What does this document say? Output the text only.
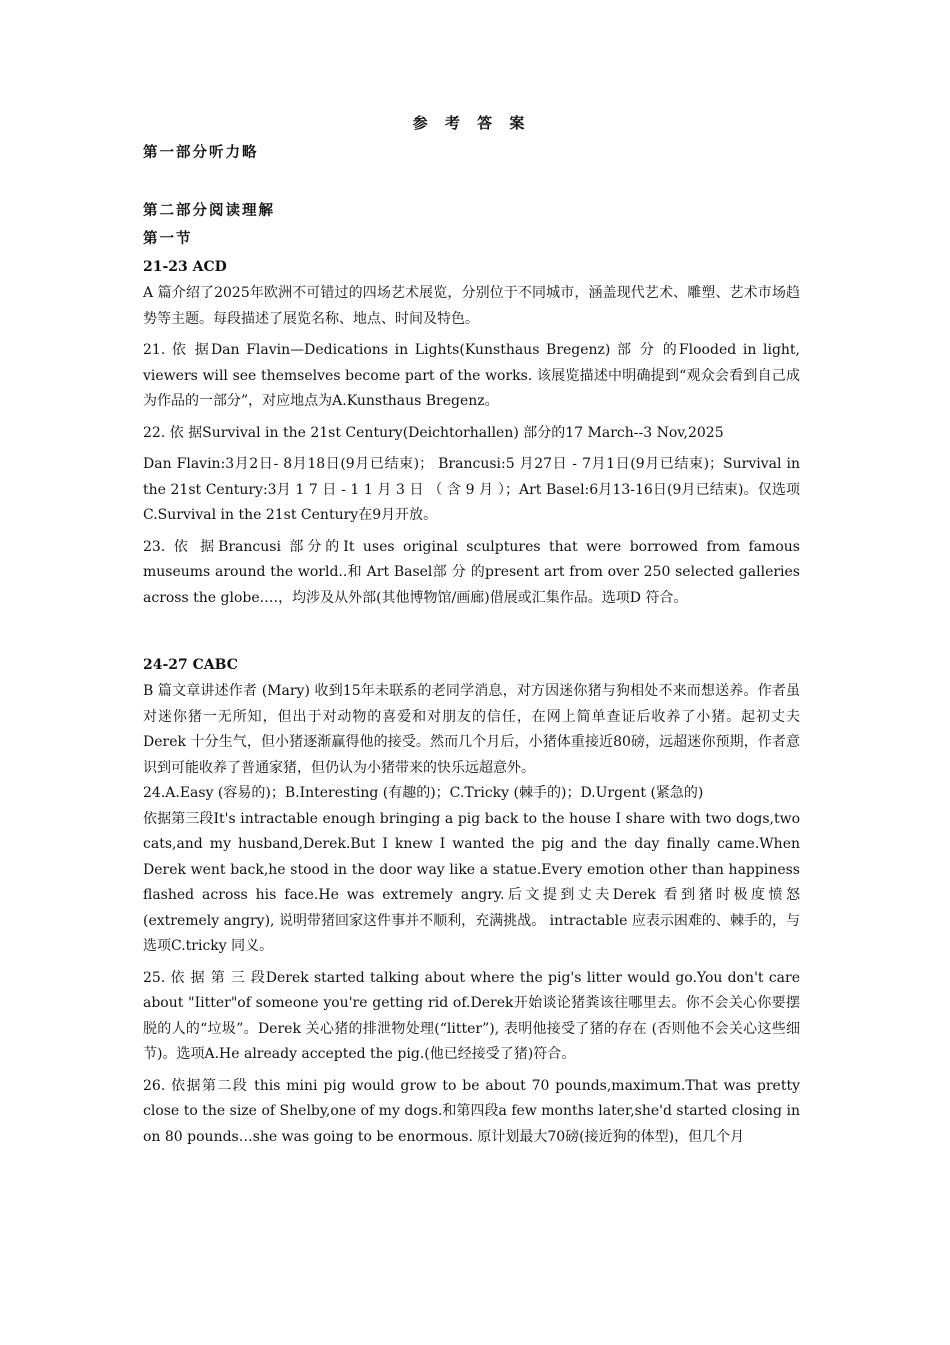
参 考 答 案

第一部分听力略

第二部分阅读理解

第一节

21-23 ACD

A 篇介绍了2025年欧洲不可错过的四场艺术展览，分别位于不同城市，涵盖现代艺术、雕塑、艺术市场趋势等主题。每段描述了展览名称、地点、时间及特色。

21. 依 据Dan Flavin—Dedications in Lights(Kunsthaus Bregenz) 部 分 的Flooded in light, viewers will see themselves become part of the works. 该展览描述中明确提到“观众会看到自己成为作品的一部分”，对应地点为A.Kunsthaus Bregenz。

22. 依 据Survival in the 21st Century(Deichtorhallen) 部分的17 March--3 Nov,2025

Dan Flavin:3月2日- 8月18日(9月已结束)； Brancusi:5 月27日 - 7月1日(9月已结束)；Survival in the 21st Century:3月 1 7 日 - 1 1 月 3 日 （ 含 9 月 ）；Art Basel:6月13-16日(9月已结束)。仅选项C.Survival in the 21st Century在9月开放。

23. 依 据Brancusi 部分的It uses original sculptures that were borrowed from famous museums around the world..和 Art Basel部 分 的present art from over 250 selected galleries across the globe.…，均涉及从外部(其他博物馆/画廊)借展或汇集作品。选项D 符合。

24-27 CABC

B 篇文章讲述作者 (Mary) 收到15年未联系的老同学消息，对方因迷你猪与狗相处不来而想送养。作者虽对迷你猪一无所知，但出于对动物的喜爱和对朋友的信任，在网上简单查证后收养了小猪。起初丈夫Derek 十分生气，但小猪逐渐赢得他的接受。然而几个月后，小猪体重接近80磅，远超迷你预期，作者意识到可能收养了普通家猪，但仍认为小猪带来的快乐远超意外。

24.A.Easy (容易的)；B.Interesting (有趣的)；C.Tricky (棘手的)；D.Urgent (紧急的)

依据第三段It's intractable enough bringing a pig back to the house I share with two dogs,two cats,and my husband,Derek.But I knew I wanted the pig and the day finally came.When Derek went back,he stood in the door way like a statue.Every emotion other than happiness flashed across his face.He was extremely angry.后文提到丈夫Derek 看到猪时极度愤怒 (extremely angry), 说明带猪回家这件事并不顺利，充满挑战。 intractable 应表示困难的、棘手的，与选项C.tricky 同义。

25. 依 据 第 三 段Derek started talking about where the pig's litter would go.You don't care about "Iitter"of someone you're getting rid of.Derek开始谈论猪粪该往哪里去。你不会关心你要摆脱的人的“垃圾”。Derek 关心猪的排泄物处理(“litter”), 表明他接受了猪的存在 (否则他不会关心这些细节)。选项A.He already accepted the pig.(他已经接受了猪)符合。

26. 依据第二段 this mini pig would grow to be about 70 pounds,maximum.That was pretty close to the size of Shelby,one of my dogs.和第四段a few months later,she'd started closing in on 80 pounds…she was going to be enormous. 原计划最大70磅(接近狗的体型)，但几个月
